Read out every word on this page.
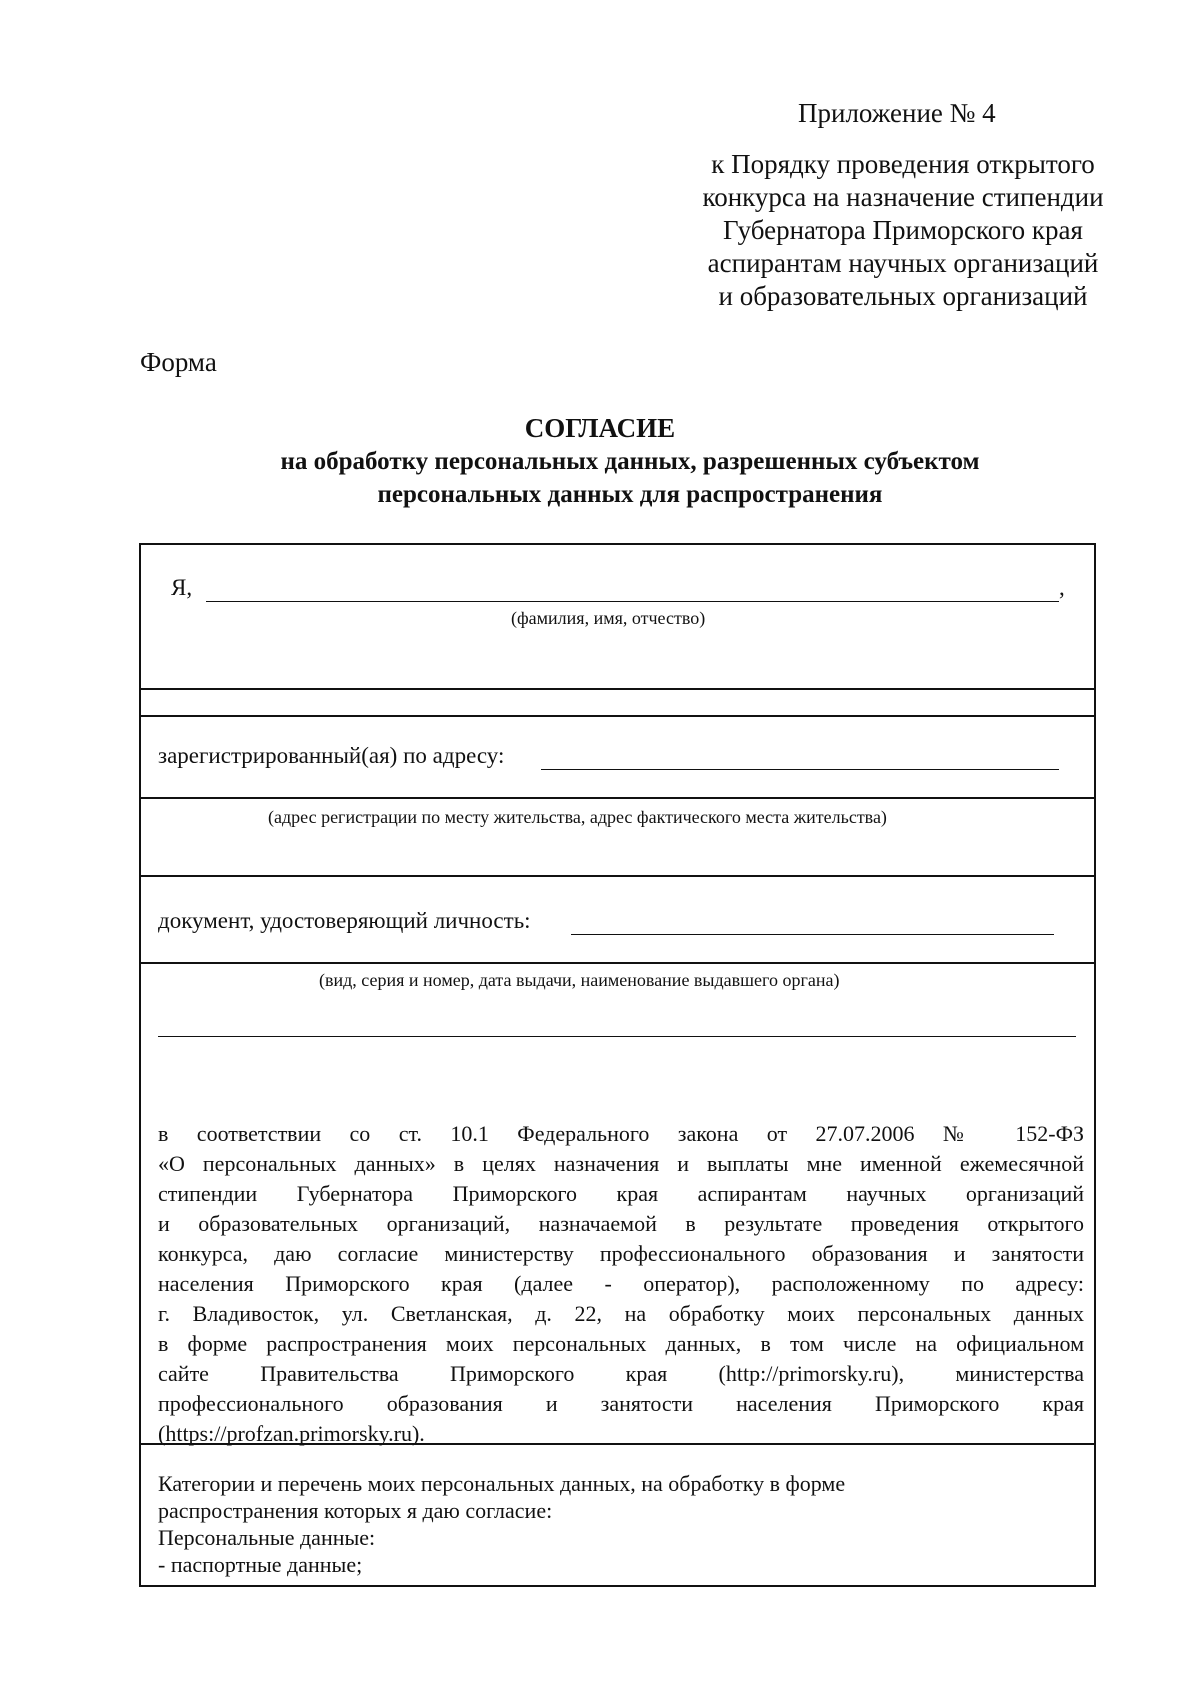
Приложение № 4
к Порядку проведения открытого
конкурса на назначение стипендии
Губернатора Приморского края
аспирантам научных организаций
и образовательных организаций
Форма
СОГЛАСИЕ
на обработку персональных данных, разрешенных субъектом
персональных данных для распространения
Я,	,
(фамилия, имя, отчество)
зарегистрированный(ая) по адресу:
(адрес регистрации по месту жительства, адрес фактического места жительства)
документ, удостоверяющий личность:
(вид, серия и номер, дата выдачи, наименование выдавшего органа)
в соответствии со ст. 10.1 Федерального закона от 27.07.2006 № 152-ФЗ
«О персональных данных» в целях назначения и выплаты мне именной ежемесячной
стипендии Губернатора Приморского края аспирантам научных организаций
и образовательных организаций, назначаемой в результате проведения открытого
конкурса, даю согласие министерству профессионального образования и занятости
населения Приморского края (далее - оператор), расположенному по адресу:
г. Владивосток, ул. Светланская, д. 22, на обработку моих персональных данных
в форме распространения моих персональных данных, в том числе на официальном
сайте Правительства Приморского края (http://primorsky.ru), министерства
профессионального образования и занятости населения Приморского края
(https://profzan.primorsky.ru).
Категории и перечень моих персональных данных, на обработку в форме
распространения которых я даю согласие:
Персональные данные:
- паспортные данные;
